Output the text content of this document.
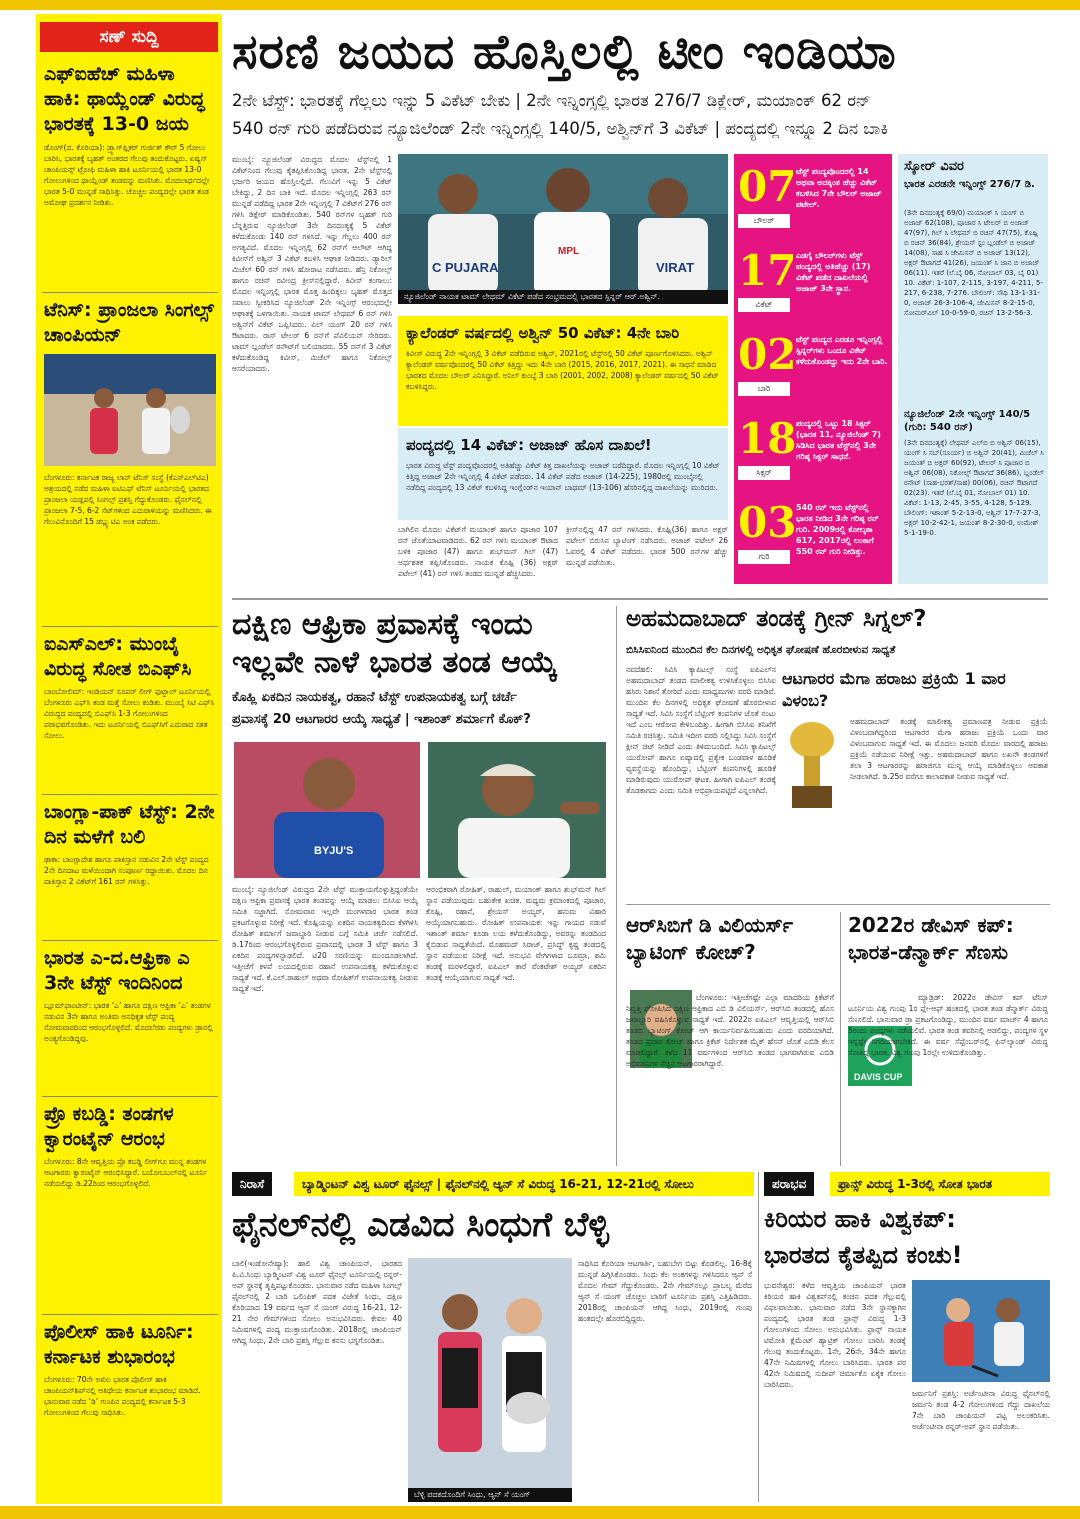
ಸಣ್ ಸುದ್ದಿ
ಎಫ್ಐಹೆಚ್ ಮಹಿಳಾ ಹಾಕಿ: ಥಾಯ್ಲೆಂಡ್ ವಿರುದ್ಧ ಭಾರತಕ್ಕೆ 13-0 ಜಯ
ಡೊಂಗ್(ದ. ಕೊರಿಯಾ): ಡ್ರ್ಯಾಗ್‌ಫ್ಲಿಕರ್ ಗುರ್ಜಿತ್ ಕೌರ್ 5 ಗೋಲು ಬಾರಿಸಿ, ಭಾರತಕ್ಕೆ ಬೃಹತ್ ಅಂತರದ ಗೆಲುವು ತಂದುಕೊಟ್ಟರು. ಏಷ್ಯನ್ ಚಾಂಪಿಯನ್ಸ್ ಟ್ರೋಫಿ ಮಹಿಳಾ ಹಾಕಿ ಟೂರ್ನಿಯಲ್ಲಿ ಭಾರತ 13-0 ಗೋಲುಗಳಿಂದ ಥಾಯ್ಲೆಂಡ್ ತಂಡವನ್ನು ಮಣಿಸಿತು. ಮೊದಲಾರ್ಧದಲ್ಲೇ ಭಾರತ 5-0 ಮುನ್ನಡೆ ಸಾಧಿಸಿತ್ತು. ಚೊಚ್ಚಲ ಪಂದ್ಯದಲ್ಲೇ ಭಾರತ ತಂಡ ಅಮೋಘ ಪ್ರದರ್ಶನ ನೀಡಿತು.
ಟೆನಿಸ್: ಪ್ರಾಂಜಲಾ ಸಿಂಗಲ್ಸ್ ಚಾಂಪಿಯನ್
ಬೆಂಗಳೂರು: ಕರ್ನಾಟಕ ರಾಜ್ಯ ಲಾನ್ ಟೆನಿಸ್ ಸಂಸ್ಥೆ (ಕೆಎಸ್‌ಎಲ್‌ಟಿಎ) ಆಶ್ರಯದಲ್ಲಿ ನಡೆದ ಮಹಿಳಾ ಐಟಿಎಫ್ ಟೆನಿಸ್ ಟೂರ್ನಿಯಲ್ಲಿ ಭಾರತದ ಪ್ರಾಂಜಲಾ ಯಡ್ಲಪಲ್ಲಿ ಸಿಂಗಲ್ಸ್ ಪ್ರಶಸ್ತಿ ಗೆದ್ದುಕೊಂಡರು. ಫೈನಲ್‌ನಲ್ಲಿ ಪ್ರಾಂಜಲಾ 7-5, 6-2 ಸೆಟ್‌ಗಳಿಂದ ಎದುರಾಳಿಯನ್ನು ಮಣಿಸಿದರು. ಈ ಗೆಲುವಿನೊಂದಿಗೆ 15 ಡಬ್ಲ್ಯುಟಿಎ ಅಂಕ ಪಡೆದರು.
ಐಎಸ್ಎಲ್: ಮುಂಬೈ ವಿರುದ್ಧ ಸೋತ ಬಿಎಫ್‌ಸಿ
ಬಾಂಬೋಲಿಮ್: ಇಂಡಿಯನ್ ಸೂಪರ್ ಲೀಗ್ ಫುಟ್ಬಾಲ್ ಟೂರ್ನಿಯಲ್ಲಿ ಬೆಂಗಳೂರು ಎಫ್‌ಸಿ ತಂಡ ಮತ್ತೆ ಸೋಲು ಕಂಡಿತು. ಮುಂಬೈ ಸಿಟಿ ಎಫ್‌ಸಿ ವಿರುದ್ಧದ ಪಂದ್ಯದಲ್ಲಿ ಬಿಎಫ್‌ಸಿ 1-3 ಗೋಲುಗಳಿಂದ ಪರಾಭವಗೊಂಡಿತು. ಇದು ಟೂರ್ನಿಯಲ್ಲಿ ಬಿಎಫ್‌ಸಿಗೆ ಎದುರಾದ ಸತತ ಸೋಲು.
ಬಾಂಗ್ಲಾ-ಪಾಕ್ ಟೆಸ್ಟ್: 2ನೇ ದಿನ ಮಳೆಗೆ ಬಲಿ
ಢಾಕಾ: ಬಾಂಗ್ಲಾದೇಶ ಹಾಗೂ ಪಾಕಿಸ್ತಾನ ನಡುವಿನ 2ನೇ ಟೆಸ್ಟ್ ಪಂದ್ಯದ 2ನೇ ದಿನದಾಟ ಮಳೆಯಿಂದಾಗಿ ಸಂಪೂರ್ಣ ರದ್ದಾಯಿತು. ಮೊದಲ ದಿನ ಪಾಕಿಸ್ತಾನ 2 ವಿಕೆಟ್‌ಗೆ 161 ರನ್ ಗಳಿಸಿತ್ತು.
ಭಾರತ ಎ-ದ.ಆಫ್ರಿಕಾ ಎ 3ನೇ ಟೆಸ್ಟ್ ಇಂದಿನಿಂದ
ಬ್ಲೂಮ್‌ಫಾಂಟೀನ್: ಭಾರತ ‘ಎ’ ಹಾಗೂ ದಕ್ಷಿಣ ಆಫ್ರಿಕಾ ‘ಎ’ ತಂಡಗಳ ನಡುವಿನ 3ನೇ ಹಾಗೂ ಅಂತಿಮ ಅನಧಿಕೃತ ಟೆಸ್ಟ್ ಪಂದ್ಯ ಸೋಮವಾರದಿಂದ ಆರಂಭಗೊಳ್ಳಲಿದೆ. ಮೊದಲೆರಡು ಪಂದ್ಯಗಳು ಡ್ರಾನಲ್ಲಿ ಅಂತ್ಯಗೊಂಡಿದ್ದವು.
ಪ್ರೊ ಕಬಡ್ಡಿ: ತಂಡಗಳ ಕ್ವಾರಂಟೈನ್ ಆರಂಭ
ಬೆಂಗಳೂರು: 8ನೇ ಆವೃತ್ತಿಯ ಪ್ರೊ ಕಬಡ್ಡಿ ಲೀಗ್‌ಗೂ ಮುನ್ನ ತಂಡಗಳ ಆಟಗಾರರು ಕ್ವಾರಂಟೈನ್ ಆರಂಭಿಸಿದ್ದಾರೆ. ಬಯೋಬಬಲ್‌ನಲ್ಲಿ ಟೂರ್ನಿ ನಡೆಯಲಿದ್ದು ಡಿ.22ರಿಂದ ಆರಂಭಗೊಳ್ಳಲಿದೆ.
ಪೊಲೀಸ್ ಹಾಕಿ ಟೂರ್ನಿ: ಕರ್ನಾಟಕ ಶುಭಾರಂಭ
ಬೆಂಗಳೂರು: 70ನೇ ಅಖಿಲ ಭಾರತ ಪೊಲೀಸ್ ಹಾಕಿ ಚಾಂಪಿಯನ್‌ಶಿಪ್‌ನಲ್ಲಿ ಆತಿಥೇಯ ಕರ್ನಾಟಕ ಶುಭಾರಂಭ ಮಾಡಿದೆ. ಭಾನುವಾರ ನಡೆದ ‘ಡಿ’ ಗುಂಪಿನ ಪಂದ್ಯದಲ್ಲಿ ಕರ್ನಾಟಕ 5-3 ಗೋಲುಗಳಿಂದ ಗೆಲುವು ಸಾಧಿಸಿತು.
ಸರಣಿ ಜಯದ ಹೊಸ್ತಿಲಲ್ಲಿ ಟೀಂ ಇಂಡಿಯಾ
2ನೇ ಟೆಸ್ಟ್: ಭಾರತಕ್ಕೆ ಗೆಲ್ಲಲು ಇನ್ನು 5 ವಿಕೆಟ್ ಬೇಕು | 2ನೇ ಇನ್ನಿಂಗ್ಸಲ್ಲಿ ಭಾರತ 276/7 ಡಿಕ್ಲೇರ್, ಮಯಾಂಕ್ 62 ರನ್
540 ರನ್ ಗುರಿ ಪಡೆದಿರುವ ನ್ಯೂಜಿಲೆಂಡ್ 2ನೇ ಇನ್ನಿಂಗ್ಸಲ್ಲಿ 140/5, ಅಶ್ವಿನ್‌ಗೆ 3 ವಿಕೆಟ್ | ಪಂದ್ಯದಲ್ಲಿ ಇನ್ನೂ 2 ದಿನ ಬಾಕಿ
ಮುಂಬೈ: ನ್ಯೂಜಿಲೆಂಡ್ ವಿರುದ್ಧದ ಮೊದಲ ಟೆಸ್ಟ್‌ನಲ್ಲಿ 1 ವಿಕೆಟ್‌ನಿಂದ ಗೆಲುವು ಕೈತಪ್ಪಿಸಿಕೊಂಡಿದ್ದ ಭಾರತ, 2ನೇ ಟೆಸ್ಟ್‌ನಲ್ಲಿ ಭರ್ಜರಿ ಜಯದ ಹೊಸ್ತಿಲಲ್ಲಿದೆ. ಗೆಲುವಿಗೆ ಇನ್ನು 5 ವಿಕೆಟ್ ಬೇಕಿದ್ದು, 2 ದಿನ ಬಾಕಿ ಇದೆ. ಮೊದಲ ಇನ್ನಿಂಗ್ಸಲ್ಲಿ 263 ರನ್ ಮುನ್ನಡೆ ಪಡೆದಿದ್ದ ಭಾರತ 2ನೇ ಇನ್ನಿಂಗ್ಸಲ್ಲಿ 7 ವಿಕೆಟ್‌ಗೆ 276 ರನ್ ಗಳಿಸಿ ಡಿಕ್ಲೇರ್ ಮಾಡಿಕೊಂಡಿತು. 540 ರನ್‌ಗಳ ಬೃಹತ್ ಗುರಿ ಬೆನ್ನತ್ತಿರುವ ನ್ಯೂಜಿಲೆಂಡ್ 3ನೇ ದಿನದಂತ್ಯಕ್ಕೆ 5 ವಿಕೆಟ್ ಕಳೆದುಕೊಂಡು 140 ರನ್ ಗಳಿಸಿದೆ. ಇನ್ನು ಗೆಲ್ಲಲು 400 ರನ್ ಅಗತ್ಯವಿದೆ. ಮೊದಲ ಇನ್ನಿಂಗ್ಸಲ್ಲಿ 62 ರನ್‌ಗೆ ಆಲೌಟ್ ಆಗಿದ್ದ ಕಿವೀಸ್‌ಗೆ ಅಶ್ವಿನ್ 3 ವಿಕೆಟ್ ಕಬಳಿಸಿ ಆಘಾತ ನೀಡಿದರು. ಡ್ಯಾರಿಲ್ ಮಿಚೆಲ್ 60 ರನ್ ಗಳಿಸಿ ಹೋರಾಟ ನಡೆಸಿದರು. ಹೆನ್ರಿ ನಿಕೋಲ್ಸ್ ಹಾಗೂ ರಚಿನ್ ರವೀಂದ್ರ ಕ್ರೀಸ್‌ನಲ್ಲಿದ್ದಾರೆ. ಕಿವೀಸ್ ಕಂಗಾಲು: ಮೊದಲ ಇನ್ನಿಂಗ್ಸಲ್ಲಿ ಭಾರತ ಮೊತ್ತ ಹಿಂದಿಕ್ಕಲು ಬೃಹತ್ ಮೊತ್ತದ ಸವಾಲು ಸ್ವೀಕರಿಸಿದ ನ್ಯೂಜಿಲೆಂಡ್ 2ನೇ ಇನ್ನಿಂಗ್ಸ್ ಆರಂಭದಲ್ಲೇ ಆಘಾತಕ್ಕೆ ಒಳಗಾಯಿತು. ನಾಯಕ ಟಾಮ್ ಲೇಥಮ್ 6 ರನ್ ಗಳಿಸಿ ಅಶ್ವಿನ್‌ಗೆ ವಿಕೆಟ್ ಒಪ್ಪಿಸಿದರು. ವಿಲ್ ಯಂಗ್ 20 ರನ್ ಗಳಿಸಿ ಔಟಾದರು. ರಾಸ್ ಟೇಲರ್ 6 ರನ್‌ಗೆ ಪೆವಿಲಿಯನ್ ಸೇರಿದರು. ಟಾಮ್ ಬ್ಲಂಡೆಲ್ ರನೌಟ್‌ಗೆ ಬಲಿಯಾದರು. 55 ರನ್‌ಗೆ 3 ವಿಕೆಟ್ ಕಳೆದುಕೊಂಡಿದ್ದ ಕಿವೀಸ್, ಮಿಚೆಲ್ ಹಾಗೂ ನಿಕೋಲ್ಸ್ ಆಸರೆಯಾದರು.
C PUJARA	VIRAT
MPL
ನ್ಯೂಜಿಲೆಂಡ್ ನಾಯಕ ಟಾಮ್ ಲೇಥಮ್ ವಿಕೆಟ್ ಪಡೆದ ಸಂಭ್ರಮದಲ್ಲಿ ಭಾರತದ ಸ್ಪಿನ್ನರ್ ಆರ್.ಅಶ್ವಿನ್.
ಕ್ಯಾಲೆಂಡರ್ ವರ್ಷದಲ್ಲಿ ಅಶ್ವಿನ್ 50 ವಿಕೆಟ್: 4ನೇ ಬಾರಿ
ಕಿವೀಸ್ ವಿರುದ್ಧ 2ನೇ ಇನ್ನಿಂಗ್ಸಲ್ಲಿ 3 ವಿಕೆಟ್ ಪಡೆದಿರುವ ಅಶ್ವಿನ್, 2021ರಲ್ಲಿ ಟೆಸ್ಟ್‌ನಲ್ಲಿ 50 ವಿಕೆಟ್ ಪೂರ್ಣಗೊಳಿಸಿದರು. ಅಶ್ವಿನ್ ಕ್ಯಾಲೆಂಡರ್ ವರ್ಷವೊಂದರಲ್ಲಿ 50 ವಿಕೆಟ್ ಕಿತ್ತಿದ್ದು ಇದು 4ನೇ ಬಾರಿ (2015, 2016, 2017, 2021). ಈ ಸಾಧನೆ ಮಾಡಿದ ಭಾರತದ ಮೊದಲ ಬೌಲರ್ ಎನಿಸಿದ್ದಾರೆ. ಅನಿಲ್ ಕುಂಬ್ಳೆ 3 ಬಾರಿ (2001, 2002, 2008) ಕ್ಯಾಲೆಂಡರ್ ವರ್ಷದಲ್ಲಿ 50 ವಿಕೆಟ್ ಕಬಳಿಸಿದ್ದರು.
ಪಂದ್ಯದಲ್ಲಿ 14 ವಿಕೆಟ್: ಅಜಾಜ್ ಹೊಸ ದಾಖಲೆ!
ಭಾರತ ವಿರುದ್ಧ ಟೆಸ್ಟ್ ಪಂದ್ಯವೊಂದರಲ್ಲಿ ಅತಿಹೆಚ್ಚು ವಿಕೆಟ್ ಕಿತ್ತ ದಾಖಲೆಯನ್ನು ಅಜಾಜ್ ಬರೆದಿದ್ದಾರೆ. ಮೊದಲ ಇನ್ನಿಂಗ್ಸಲ್ಲಿ 10 ವಿಕೆಟ್ ಕಿತ್ತಿದ್ದ ಅಜಾಜ್ 2ನೇ ಇನ್ನಿಂಗ್ಸಲ್ಲಿ 4 ವಿಕೆಟ್ ಪಡೆದರು. 14 ವಿಕೆಟ್ ಪಡೆದ ಅಜಾಜ್ (14-225), 1980ರಲ್ಲಿ ಮುಂಬೈನಲ್ಲಿ ನಡೆದಿದ್ದ ಪಂದ್ಯದಲ್ಲಿ 13 ವಿಕೆಟ್ ಕಬಳಿಸಿದ್ದ ಇಂಗ್ಲೆಂಡ್‌ನ ಇಯಾನ್ ಬಾಥಮ್ (13-106) ಹೆಸರಿನಲ್ಲಿದ್ದ ದಾಖಲೆಯನ್ನು ಮುರಿದರು.
ಬಾಗಿಲಿನ ಮೊದಲ ವಿಕೆಟ್‌ಗೆ ಮಯಾಂಕ್ ಹಾಗೂ ಪೂಜಾರ 107 ರನ್ ಜೊತೆಯಾಟವಾಡಿದರು. 62 ರನ್ ಗಳಿಸಿ ಮಯಾಂಕ್ ಔಟಾದ ಬಳಿಕ ಪೂಜಾರ (47) ಹಾಗೂ ಶುಭ್‌ಮನ್ ಗಿಲ್ (47) ಅರ್ಧಶತಕ ತಪ್ಪಿಸಿಕೊಂಡರು. ನಾಯಕ ಕೊಹ್ಲಿ (36) ಅಕ್ಷರ್ ಪಟೇಲ್ (41) ರನ್ ಗಳಿಸಿ ತಂಡದ ಮುನ್ನಡೆ ಹೆಚ್ಚಿಸಿದರು.
ಕ್ರೀಸ್‌ನಲ್ಲಿದ್ದ 47 ರನ್ ಗಳಿಸಿದರು. ಕೊಹ್ಲಿ(36) ಹಾಗೂ ಅಕ್ಷರ್ ಪಟೇಲ್ ಬಿರುಸಿನ ಬ್ಯಾಟಿಂಗ್ ನಡೆಸಿದರು. ಅಜಾಜ್ ಪಟೇಲ್ 26 ಓವರಲ್ಲಿ 4 ವಿಕೆಟ್ ಪಡೆದರು. ಭಾರತ 500 ರನ್‌ಗಳ ಹೆಚ್ಚು ಮುನ್ನಡೆ ಪಡೆಯಿತು.
07
ಬೌಲರ್
ಟೆಸ್ಟ್ ಪಂದ್ಯವೊಂದರಲ್ಲಿ 14 ಅಥವಾ ಅದಕ್ಕಿಂತ ಹೆಚ್ಚು ವಿಕೆಟ್ ಕಬಳಿಸಿದ 7ನೇ ಬೌಲರ್ ಅಜಾಜ್ ಪಟೇಲ್.
17
ವಿಕೆಟ್
ಎಡಗೈ ಬೌಲರ್‌ಗಳು ಟೆಸ್ಟ್ ಪಂದ್ಯದಲ್ಲಿ ಅತಿಹೆಚ್ಚು (17) ವಿಕೆಟ್ ಪಡೆದ ದಾಖಲೆಯಲ್ಲಿ ಅಜಾಜ್ 3ನೇ ಸ್ಥಾನ.
02
ಬಾರಿ
ಟೆಸ್ಟ್ ಪಂದ್ಯದ ಎರಡೂ ಇನ್ನಿಂಗ್ಸಲ್ಲಿ ಸ್ಪಿನ್ನರ್‌ಗಳು ಒಂದೂ ವಿಕೆಟ್ ಕಳೆದುಕೊಂಡದ್ದು ಇದು 2ನೇ ಬಾರಿ.
18
ಸಿಕ್ಸರ್
ಪಂದ್ಯದಲ್ಲಿ ಒಟ್ಟು 18 ಸಿಕ್ಸರ್ (ಭಾರತ 11, ನ್ಯೂಜಿಲೆಂಡ್ 7) ಸಿಡಿಸಿದ ಭಾರತ ಟೆಸ್ಟ್‌ನಲ್ಲಿ 3ನೇ ಗರಿಷ್ಠ ಸಿಕ್ಸರ್ ಸಾಧನೆ.
03
ಗುರಿ
540 ರನ್ ಇದು ಟೆಸ್ಟ್‌ನಲ್ಲಿ ಭಾರತ ನೀಡಿದ 3ನೇ ಗರಿಷ್ಠ ರನ್ ಗುರಿ. 2009ರಲ್ಲಿ ಕೋಲ್ಕತಾ 617, 2017ರಲ್ಲಿ ಲಂಕಾಗೆ 550 ರನ್ ಗುರಿ ನೀಡಿತ್ತು.
ಸ್ಕೋರ್ ವಿವರ
ಭಾರತ ಎರಡನೇ ಇನ್ನಿಂಗ್ಸ್ 276/7 ಡಿ.
(3ನೇ ದಿನದಂತ್ಯಕ್ಕೆ 69/0) ಮಯಾಂಕ್ ಸಿ ಯಂಗ್ ಬಿ ಅಜಾಜ್ 62(108), ಪೂಜಾರ ಸಿ ಟೇಲರ್ ಬಿ ಅಜಾಜ್ 47(97), ಗಿಲ್ ಸಿ ಲೇಥಮ್ ಬಿ ರಚಿನ್ 47(75), ಕೊಹ್ಲಿ ಬಿ ರಚಿನ್ 36(84), ಶ್ರೇಯಸ್ ಸ್ಟಂ ಬ್ಲಂಡೆಲ್ ಬಿ ಅಜಾಜ್ 14(08), ಸಾಹ ಸಿ ಜೇಮಿಸನ್ ಬಿ ಅಜಾಜ್ 13(12), ಅಕ್ಷರ್ ಔಟಾಗದೆ 41(26), ಜಯಂತ್ ಸಿ ಜಾನ ಬಿ ಅಜಾಜ್ 06(11). ಇತರೆ (ಲೆ.ಬೈ 06, ನೋಬಾಲ್ 03, ಬೈ 01) 10. ವಿಕೆಟ್: 1-107, 2-115, 3-197, 4-211, 5-217, 6-238, 7-276. ಬೌಲಿಂಗ್: ಸೌಥಿ 13-1-31-0, ಅಜಾಜ್ 26-3-106-4, ಜೇಮಿಸನ್ 8-2-15-0, ಸೋಮರ್‌ವಿಲ್ 10-0-59-0, ರಚಿನ್ 13-2-56-3.
ನ್ಯೂಜಿಲೆಂಡ್ 2ನೇ ಇನ್ನಿಂಗ್ಸ್ 140/5 (ಗುರಿ: 540 ರನ್)
(3ನೇ ದಿನದಂತ್ಯಕ್ಕೆ) ಲೇಥಮ್ ಎಲ್‌ಬಿ ಬಿ ಅಶ್ವಿನ್ 06(15), ಯಂಗ್ ಸಿ ಸಬ್(ಸೂರ್ಯ) ಬಿ ಅಶ್ವಿನ್ 20(41), ಮಿಚೆಲ್ ಸಿ ಜಯಂತ್ ಬಿ ಅಕ್ಷರ್ 60(92), ಟೇಲರ್ ಸಿ ಪೂಜಾರ ಬಿ ಅಶ್ವಿನ್ 06(08), ನಿಕೋಲ್ಸ್ ಔಟಾಗದೆ 36(86), ಬ್ಲಂಡೆಲ್ ರನೌಟ್ (ಸಾಹ-ಭರತ್/ಸಾಹ) 00(06), ರಚಿನ್ ಔಟಾಗದೆ 02(23). ಇತರೆ (ಲೆ.ಬೈ 01, ನೋಬಾಲ್ 01) 10. ವಿಕೆಟ್: 1-13, 2-45, 3-55, 4-128, 5-129. ಬೌಲಿಂಗ್: ಇಶಾಂತ್ 5-2-13-0, ಅಶ್ವಿನ್ 17-7-27-3, ಅಕ್ಷರ್ 10-2-42-1, ಜಯಂತ್ 8-2-30-0, ಉಮೇಶ್ 5-1-19-0.
ದಕ್ಷಿಣ ಆಫ್ರಿಕಾ ಪ್ರವಾಸಕ್ಕೆ ಇಂದು
ಇಲ್ಲವೇ ನಾಳೆ ಭಾರತ ತಂಡ ಆಯ್ಕೆ
ಕೊಹ್ಲಿ ಏಕದಿನ ನಾಯಕತ್ವ, ರಹಾನೆ ಟೆಸ್ಟ್ ಉಪನಾಯಕತ್ವ ಬಗ್ಗೆ ಚರ್ಚೆ
ಪ್ರವಾಸಕ್ಕೆ 20 ಆಟಗಾರರ ಆಯ್ಕೆ ಸಾಧ್ಯತೆ | ಇಶಾಂತ್ ಶರ್ಮಾಗೆ ಕೊಕ್?
BYJU'S
ಮುಂಬೈ: ನ್ಯೂಜಿಲೆಂಡ್ ವಿರುದ್ಧದ 2ನೇ ಟೆಸ್ಟ್ ಮುಕ್ತಾಯಗೊಳ್ಳುತ್ತಿದ್ದಂತೆಯೇ ದಕ್ಷಿಣ ಆಫ್ರಿಕಾ ಪ್ರವಾಸಕ್ಕೆ ಭಾರತ ತಂಡವನ್ನು ಆಯ್ಕೆ ಮಾಡಲು ಬಿಸಿಸಿಐ ಆಯ್ಕೆ ಸಮಿತಿ ಸಜ್ಜಾಗಿದೆ. ಸೋಮವಾರ ಇಲ್ಲವೇ ಮಂಗಳವಾರ ಭಾರತ ತಂಡ ಪ್ರಕಟಗೊಳ್ಳುವ ನಿರೀಕ್ಷೆ ಇದೆ. ಕೊಹ್ಲಿಯನ್ನು ಏಕದಿನ ನಾಯಕತ್ವದಿಂದ ಕೆಳಗಿಳಿಸಿ ರೋಹಿತ್ ಶರ್ಮಾಗೆ ಜವಾಬ್ದಾರಿ ನೀಡುವ ಬಗ್ಗೆ ಸಮಿತಿ ಚರ್ಚೆ ನಡೆಸಲಿದೆ. ಡಿ.17ರಿಂದ ಆರಂಭಗೊಳ್ಳಲಿರುವ ಪ್ರವಾಸದಲ್ಲಿ ಭಾರತ 3 ಟೆಸ್ಟ್ ಹಾಗೂ 3 ಏಕದಿನ ಪಂದ್ಯಗಳನ್ನಾಡಲಿದೆ. ಟಿ20 ಸರಣಿಯನ್ನು ಮುಂದೂಡಲಾಗಿದೆ. ಇತ್ತೀಚೆಗೆ ಕಳಪೆ ಲಯದಲ್ಲಿರುವ ರಹಾನೆ ಉಪನಾಯಕತ್ವ ಕಳೆದುಕೊಳ್ಳುವ ಸಾಧ್ಯತೆ ಇದೆ. ಕೆ.ಎಲ್.ರಾಹುಲ್ ಅಥವಾ ರೋಹಿತ್‌ಗೆ ಉಪನಾಯಕತ್ವ ನೀಡುವ ಸಾಧ್ಯತೆ ಇದೆ.
ಆರಂಭಿಕರಾಗಿ ರೋಹಿತ್, ರಾಹುಲ್, ಮಯಾಂಕ್ ಹಾಗೂ ಶುಭ್‌ಮನ್ ಗಿಲ್ ಸ್ಥಾನ ಪಡೆಯುವುದು ಬಹುತೇಕ ಖಚಿತ. ಮಧ್ಯಮ ಕ್ರಮಾಂಕದಲ್ಲಿ ಪೂಜಾರ, ಕೊಹ್ಲಿ, ರಹಾನೆ, ಶ್ರೇಯಸ್ ಅಯ್ಯರ್, ಹನುಮ ವಿಹಾರಿ ಆಯ್ಕೆಯಾಗಬಹುದು. ರೋಹಿತ್ ಉಪನಾಯಕ: ಇನ್ನು ಗಾಯದ ನಡುವೆ ಇಶಾಂತ್ ಶರ್ಮಾ ಕೂಡಾ ಲಯ ಕಳೆದುಕೊಂಡಿದ್ದು, ಅವರನ್ನು ತಂಡದಿಂದ ಕೈಬಿಡುವ ಸಾಧ್ಯತೆಯಿದೆ. ಮೊಹಮದ್ ಸಿರಾಜ್, ಪ್ರಸಿದ್ಧ್ ಕೃಷ್ಣ ತಂಡದಲ್ಲಿ ಸ್ಥಾನ ಪಡೆಯುವ ನಿರೀಕ್ಷೆ ಇದೆ. ಅನುಭವಿ ವೇಗಿಗಳಾದ ಬೂಮ್ರಾ, ಶಮಿ ತಂಡಕ್ಕೆ ಮರಳಲಿದ್ದಾರೆ. ಐಪಿಎಲ್ ತಾರೆ ವೆಂಕಟೇಶ್ ಅಯ್ಯರ್ ಏಕದಿನ ತಂಡಕ್ಕೆ ಆಯ್ಕೆಯಾಗುವ ಸಾಧ್ಯತೆ ಇದೆ.
ಅಹಮದಾಬಾದ್ ತಂಡಕ್ಕೆ ಗ್ರೀನ್ ಸಿಗ್ನಲ್?
ಬಿಸಿಸಿಐನಿಂದ ಮುಂದಿನ ಕೆಲ ದಿನಗಳಲ್ಲಿ ಅಧಿಕೃತ ಘೋಷಣೆ ಹೊರಬೀಳುವ ಸಾಧ್ಯತೆ
ನವದೆಹಲಿ: ಸಿವಿಸಿ ಕ್ಯಾಪಿಟಲ್ಸ್ ಸಂಸ್ಥೆ ಐಪಿಎಲ್‌ನ ಅಹಮದಾಬಾದ್ ತಂಡದ ಮಾಲೀಕತ್ವ ಉಳಿಸಿಕೊಳ್ಳಲು ಬಿಸಿಸಿಐ ಹಸಿರು ನಿಶಾನೆ ತೋರಿದೆ ಎಂದು ಮಾಧ್ಯಮಗಳು ವರದಿ ಮಾಡಿವೆ. ಮುಂದಿನ ಕೆಲ ದಿನಗಳಲ್ಲಿ ಅಧಿಕೃತ ಘೋಷಣೆ ಹೊರಬೀಳುವ ಸಾಧ್ಯತೆ ಇದೆ. ಸಿವಿಸಿ ಸಂಸ್ಥೆಗೆ ಬೆಟ್ಟಿಂಗ್ ಕಂಪನಿಗಳ ಜೊತೆ ನಂಟು ಇದೆ ಎಂಬ ಆರೋಪ ಕೇಳಿಬಂದಿತ್ತು. ಹೀಗಾಗಿ ಬಿಸಿಸಿಐ ತನಿಖೆಗೆ ಸಮಿತಿ ರಚಿಸಿತ್ತು. ಸಮಿತಿ ಇದೀಗ ವರದಿ ಸಲ್ಲಿಸಿದ್ದು ಸಿವಿಸಿ ಸಂಸ್ಥೆಗೆ ಕ್ಲೀನ್ ಚಿಟ್ ನೀಡಿದೆ ಎಂದು ತಿಳಿದುಬಂದಿದೆ. ಸಿವಿಸಿ ಕ್ಯಾಪಿಟಲ್ಸ್ ಯುರೋಪ್ ಹಾಗೂ ಏಷ್ಯಾದಲ್ಲಿ ಪ್ರತ್ಯೇಕ ಬಂಡವಾಳ ಹೂಡಿಕೆ ವ್ಯವಸ್ಥೆಯನ್ನು ಹೊಂದಿದ್ದು, ಬೆಟ್ಟಿಂಗ್ ಕಂಪನಿಗಳಲ್ಲಿ ಹೂಡಿಕೆ ಮಾಡಿರುವುದು ಯುರೋಪ್ ಘಟಕ. ಹೀಗಾಗಿ ಐಪಿಎಲ್ ತಂಡಕ್ಕೆ ತೊಡಕಾಗದು ಎಂದು ಸಮಿತಿ ಅಭಿಪ್ರಾಯಪಟ್ಟಿದೆ ಎನ್ನಲಾಗಿದೆ.
ಆಟಗಾರರ ಮೆಗಾ ಹರಾಜು ಪ್ರಕ್ರಿಯೆ 1 ವಾರ ವಿಳಂಬ?
ಅಹಮದಾಬಾದ್ ತಂಡಕ್ಕೆ ಮಾಲೀಕತ್ವ ಪ್ರಮಾಣಪತ್ರ ನೀಡುವ ಪ್ರಕ್ರಿಯೆ ವಿಳಂಬವಾಗಿದ್ದರಿಂದ ಆಟಗಾರರ ಮೆಗಾ ಹರಾಜು ಪ್ರಕ್ರಿಯೆ ಒಂದು ವಾರ ವಿಳಂಬವಾಗುವ ಸಾಧ್ಯತೆ ಇದೆ. ಈ ಮೊದಲು ಜನವರಿ ಮೊದಲ ವಾರದಲ್ಲಿ ಹರಾಜು ಪ್ರಕ್ರಿಯೆ ನಡೆಯುವ ನಿರೀಕ್ಷೆ ಇತ್ತು. ಅಹಮದಾಬಾದ್ ಹಾಗೂ ಲಖನೌ ತಂಡಗಳಿಗೆ ತಲಾ 3 ಆಟಗಾರರನ್ನು ಹರಾಜಿಗೂ ಮುನ್ನ ಆಯ್ಕೆ ಮಾಡಿಕೊಳ್ಳಲು ಅವಕಾಶ ನೀಡಲಾಗಿದೆ. ಡಿ.25ರ ವರೆಗೂ ಕಾಲಾವಕಾಶ ನೀಡುವ ಸಾಧ್ಯತೆ ಇದೆ.
ಆರ್‌ಸಿಬಿಗೆ ಡಿ ವಿಲಿಯರ್ಸ್ ಬ್ಯಾಟಿಂಗ್ ಕೋಚ್?
ಬೆಂಗಳೂರು: ಇತ್ತೀಚೆಗಷ್ಟೇ ಎಲ್ಲಾ ಮಾದರಿಯ ಕ್ರಿಕೆಟ್‌ಗೆ ನಿವೃತ್ತಿ ಘೋಷಿಸಿದ ದಕ್ಷಿಣ ಆಫ್ರಿಕಾದ ಎಬಿ ಡಿ ವಿಲಿಯರ್ಸ್, ಆರ್‌ಸಿಬಿ ತಂಡದಲ್ಲಿ ಹೊಸ ಜವಾಬ್ದಾರಿ ವಹಿಸಿಕೊಳ್ಳುವ ಸಾಧ್ಯತೆ ಇದೆ. 2022ರ ಐಪಿಎಲ್ ಆವೃತ್ತಿಯಲ್ಲಿ ಆರ್‌ಸಿಬಿ ತಂಡದ ಬ್ಯಾಟಿಂಗ್ ಕೋಚ್ ಆಗಿ ಕಾರ್ಯನಿರ್ವಹಿಸಬಹುದು ಎಂದು ವರದಿಯಾಗಿದೆ. ತಂಡದ ಪ್ರಧಾನ ಕೋಚ್ ಹಾಗೂ ಕ್ರಿಕೆಟ್ ನಿರ್ದೇಶಕ ಮೈಕ್ ಹೆಸನ್ ಜೊತೆ ಎಬಿಡಿ ಕೆಲಸ ಮಾಡಲಿದ್ದಾರೆ. ಕಳೆದ 11 ವರ್ಷಗಳಿಂದ ಆರ್‌ಸಿಬಿ ತಂಡದ ಭಾಗವಾಗಿರುವ ಎಬಿಡಿ ಅಭಿಮಾನಿಗಳ ನೆಚ್ಚಿನ ಆಟಗಾರರಾಗಿದ್ದಾರೆ.
2022ರ ಡೇವಿಸ್ ಕಪ್: ಭಾರತ-ಡೆನ್ಮಾರ್ಕ್ ಸೆಣಸು
DAVIS CUP
ಮ್ಯಾಡ್ರಿಡ್: 2022ರ ಡೇವಿಸ್ ಕಪ್ ಟೆನಿಸ್ ಟೂರ್ನಿಯ ವಿಶ್ವ ಗುಂಪು 1ರ ಪ್ಲೇ-ಆಫ್ ಹಂತದಲ್ಲಿ ಭಾರತ ತಂಡ ಡೆನ್ಮಾರ್ಕ್ ವಿರುದ್ಧ ಸೆಣಸಲಿದೆ. ಭಾನುವಾರ ಡ್ರಾ ಪ್ರಕಟಗೊಂಡಿದ್ದು, ಮುಂದಿನ ವರ್ಷ ಮಾರ್ಚ್ 4 ಹಾಗೂ 5ರಂದು ಪಂದ್ಯಗಳು ನಡೆಯಲಿವೆ. ಭಾರತ ತಂಡ ತವರಿನಲ್ಲಿ ಆಡಲಿದ್ದು, ಪಂದ್ಯಗಳ ಸ್ಥಳ ಇನ್ನಷ್ಟೇ ನಿಗದಿಯಾಗಬೇಕಿದೆ. ಈ ವರ್ಷ ಸೆಪ್ಟೆಂಬರ್‌ನಲ್ಲಿ ಫಿನ್‌ಲ್ಯಾಂಡ್ ವಿರುದ್ಧ ಸೋತಿದ್ದ ಭಾರತ, ವಿಶ್ವ ಗುಂಪು 1ರಲ್ಲೇ ಉಳಿದುಕೊಂಡಿತ್ತು.
ನಿರಾಸೆ	ಬ್ಯಾಡ್ಮಿಂಟನ್ ವಿಶ್ವ ಟೂರ್ ಫೈನಲ್ಸ್ | ಫೈನಲ್‌ನಲ್ಲಿ ಆ್ಯನ್ ಸೆ ವಿರುದ್ಧ 16-21, 12-21ರಲ್ಲಿ ಸೋಲು
ಫೈನಲ್‌ನಲ್ಲಿ ಎಡವಿದ ಸಿಂಧುಗೆ ಬೆಳ್ಳಿ
ಬಾಲಿ(ಇಂಡೋನೇಷ್ಯಾ): ಹಾಲಿ ವಿಶ್ವ ಚಾಂಪಿಯನ್, ಭಾರತದ ಪಿ.ವಿ.ಸಿಂಧು ಬ್ಯಾಡ್ಮಿಂಟನ್ ವಿಶ್ವ ಟೂರ್ ಫೈನಲ್ಸ್ ಟೂರ್ನಿಯಲ್ಲಿ ರನ್ನರ್-ಅಪ್ ಸ್ಥಾನಕ್ಕೆ ತೃಪ್ತಿಪಟ್ಟುಕೊಂಡರು. ಭಾನುವಾರ ನಡೆದ ಮಹಿಳಾ ಸಿಂಗಲ್ಸ್ ಫೈನಲ್‌ನಲ್ಲಿ 2 ಬಾರಿ ಒಲಿಂಪಿಕ್ ಪದಕ ವಿಜೇತೆ ಸಿಂಧು, ದಕ್ಷಿಣ ಕೊರಿಯಾದ 19 ವರ್ಷದ ಆ್ಯನ್ ಸೆ ಯಂಗ್ ವಿರುದ್ಧ 16-21, 12-21 ನೇರ ಗೇಮ್‌ಗಳಿಂದ ಸೋಲು ಅನುಭವಿಸಿದರು. ಕೇವಲ 40 ನಿಮಿಷಗಳಲ್ಲಿ ಪಂದ್ಯ ಮುಕ್ತಾಯಗೊಂಡಿತು. 2018ರಲ್ಲಿ ಚಾಂಪಿಯನ್ ಆಗಿದ್ದ ಸಿಂಧು, 2ನೇ ಬಾರಿ ಪ್ರಶಸ್ತಿ ಗೆಲ್ಲುವ ಕನಸು ಭಗ್ನಗೊಂಡಿತು.
ಬೆಳ್ಳಿ ಪದಕದೊಂದಿಗೆ ಸಿಂಧು, ಆ್ಯನ್ ಸೆ ಯಂಗ್
ಸಾಧಿಸಿದ ಕೊರಿಯಾ ಆಟಗಾರ್ತಿ, ಬಹುಬೇಗ ಬಿಟ್ಟು ಕೊಡಲಿಲ್ಲ. 16-8ಕ್ಕೆ ಮುನ್ನಡೆ ಹಿಗ್ಗಿಸಿಕೊಂಡರು. ಸಿಂಧು ಕೆಲ ಅಂಕಗಳನ್ನು ಗಳಿಸಿದರೂ ಆ್ಯನ್ ಸೆ ಮೊದಲ ಗೇಮ್ ಗೆದ್ದುಕೊಂಡರು. 2ನೇ ಗೇಮ್‌ನಲ್ಲೂ ಪ್ರಾಬಲ್ಯ ಮೆರೆದ ಆ್ಯನ್ ಸೆ ಯಂಗ್ ಚೊಚ್ಚಲ ಬಾರಿಗೆ ಟೂರ್ನಿಯ ಪ್ರಶಸ್ತಿ ಎತ್ತಿಹಿಡಿದರು. 2018ರಲ್ಲಿ ಚಾಂಪಿಯನ್ ಆಗಿದ್ದ ಸಿಂಧು, 2019ರಲ್ಲಿ ಗುಂಪು ಹಂತದಲ್ಲೇ ಹೊರಬಿದ್ದಿದ್ದರು.
ಪರಾಭವ	ಫ್ರಾನ್ಸ್ ವಿರುದ್ಧ 1-3ರಲ್ಲಿ ಸೋತ ಭಾರತ
ಕಿರಿಯರ ಹಾಕಿ ವಿಶ್ವಕಪ್:
ಭಾರತದ ಕೈತಪ್ಪಿದ ಕಂಚು!
ಭುವನೇಶ್ವರ: ಕಳೆದ ಆವೃತ್ತಿಯ ಚಾಂಪಿಯನ್ ಭಾರತ ಕಿರಿಯರ ಹಾಕಿ ವಿಶ್ವಕಪ್‌ನಲ್ಲಿ ಕಂಚಿನ ಪದಕ ಗೆಲ್ಲುವಲ್ಲಿ ವಿಫಲವಾಯಿತು. ಭಾನುವಾರ ನಡೆದ 3ನೇ ಸ್ಥಾನಕ್ಕಾಗಿನ ಪಂದ್ಯದಲ್ಲಿ ಭಾರತ ತಂಡ ಫ್ರಾನ್ಸ್ ವಿರುದ್ಧ 1-3 ಗೋಲುಗಳಿಂದ ಸೋಲು ಅನುಭವಿಸಿತು. ಫ್ರಾನ್ಸ್ ನಾಯಕ ಟಿಮೋತಿ ಕ್ಲೆಮೆಂಟ್ ಹ್ಯಾಟ್ರಿಕ್ ಗೋಲು ಬಾರಿಸಿ ತಂಡಕ್ಕೆ ಗೆಲುವು ತಂದುಕೊಟ್ಟರು. 1ನೇ, 26ನೇ, 34ನೇ ಹಾಗೂ 47ನೇ ನಿಮಿಷಗಳಲ್ಲಿ ಗೋಲು ಬಾರಿಸಿದರು. ಭಾರತ ಪರ 42ನೇ ನಿಮಿಷದಲ್ಲಿ ಸುದೀಪ್ ಚಿರ್ಮಾಕೊ ಏಕೈಕ ಗೋಲು ಬಾರಿಸಿದರು.
ಜರ್ಮನಿಗೆ ಪ್ರಶಸ್ತಿ: ಅರ್ಜೆಂಟೀನಾ ವಿರುದ್ಧ ಫೈನಲ್‌ನಲ್ಲಿ ಜರ್ಮನಿ ತಂಡ 4-2 ಗೋಲುಗಳಿಂದ ಗೆದ್ದು ದಾಖಲೆಯ 7ನೇ ಬಾರಿ ಚಾಂಪಿಯನ್ ಪಟ್ಟ ಅಲಂಕರಿಸಿತು. ಅರ್ಜೆಂಟೀನಾ ರನ್ನರ್-ಅಪ್ ಸ್ಥಾನ ಪಡೆಯಿತು.
